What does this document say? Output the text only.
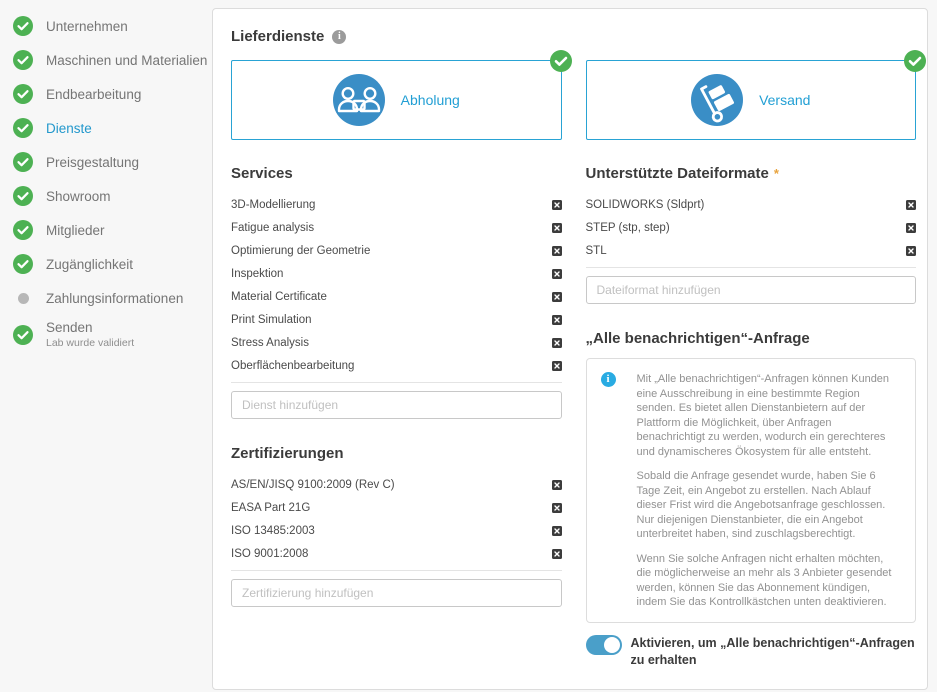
Unternehmen
Maschinen und Materialien
Endbearbeitung
Dienste
Preisgestaltung
Showroom
Mitglieder
Zugänglichkeit
Zahlungsinformationen
Senden
Lab wurde validiert
Lieferdienste	i
Abholung	Versand
Services
3D-Modellierung
Fatigue analysis
Optimierung der Geometrie
Inspektion
Material Certificate
Print Simulation
Stress Analysis
Oberflächenbearbeitung
Dienst hinzufügen
Zertifizierungen
AS/EN/JISQ 9100:2009 (Rev C)
EASA Part 21G
ISO 13485:2003
ISO 9001:2008
Zertifizierung hinzufügen
Unterstützte Dateiformate *
SOLIDWORKS (Sldprt)
STEP (stp, step)
STL
Dateiformat hinzufügen
„Alle benachrichtigen“-Anfrage
i	Mit „Alle benachrichtigen“-Anfragen können Kunden eine Ausschreibung in eine bestimmte Region senden. Es bietet allen Dienstanbietern auf der Plattform die Möglichkeit, über Anfragen benachrichtigt zu werden, wodurch ein gerechteres und dynamischeres Ökosystem für alle entsteht.

Sobald die Anfrage gesendet wurde, haben Sie 6 Tage Zeit, ein Angebot zu erstellen. Nach Ablauf dieser Frist wird die Angebotsanfrage geschlossen. Nur diejenigen Dienstanbieter, die ein Angebot unterbreitet haben, sind zuschlagsberechtigt.

Wenn Sie solche Anfragen nicht erhalten möchten, die möglicherweise an mehr als 3 Anbieter gesendet werden, können Sie das Abonnement kündigen, indem Sie das Kontrollkästchen unten deaktivieren.

Aktivieren, um „Alle benachrichtigen“-Anfragen zu erhalten
